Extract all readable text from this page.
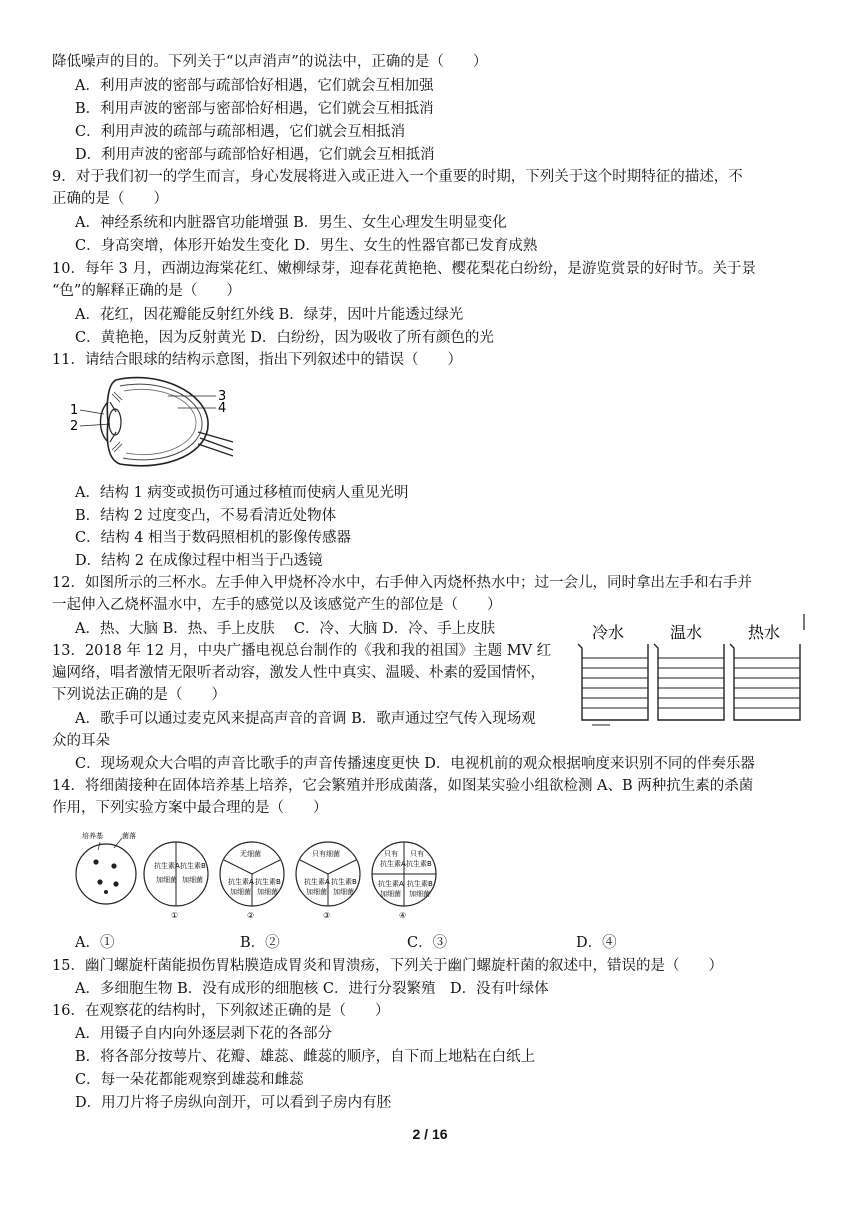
降低噪声的目的。下列关于“以声消声”的说法中，正确的是（　　）
A．利用声波的密部与疏部恰好相遇，它们就会互相加强
B．利用声波的密部与密部恰好相遇，它们就会互相抵消
C．利用声波的疏部与疏部相遇，它们就会互相抵消
D．利用声波的密部与疏部恰好相遇，它们就会互相抵消
9．对于我们初一的学生而言，身心发展将进入或正进入一个重要的时期，下列关于这个时期特征的描述，不
正确的是（　　）
A．神经系统和内脏器官功能增强 B．男生、女生心理发生明显变化
C．身高突增，体形开始发生变化 D．男生、女生的性器官都已发育成熟
10．每年 3 月，西湖边海棠花红、嫩柳绿芽，迎春花黄艳艳、樱花梨花白纷纷，是游览赏景的好时节。关于景
“色”的解释正确的是（　　）
A．花红，因花瓣能反射红外线 B．绿芽，因叶片能透过绿光
C．黄艳艳，因为反射黄光 D．白纷纷，因为吸收了所有颜色的光
11．请结合眼球的结构示意图，指出下列叙述中的错误（　　）
1
2
3
4
A．结构 1 病变或损伤可通过移植而使病人重见光明
B．结构 2 过度变凸，不易看清近处物体
C．结构 4 相当于数码照相机的影像传感器
D．结构 2 在成像过程中相当于凸透镜
12．如图所示的三杯水。左手伸入甲烧杯冷水中，右手伸入丙烧杯热水中；过一会儿，同时拿出左手和右手并
一起伸入乙烧杯温水中，左手的感觉以及该感觉产生的部位是（　　）
A．热、大脑 B．热、手上皮肤　 C．冷、大脑 D．冷、手上皮肤	冷水	温水	热水
13．2018 年 12 月，中央广播电视总台制作的《我和我的祖国》主题 MV 红
遍网络，唱者激情无限听者动容，激发人性中真实、温暖、朴素的爱国情怀，
下列说法正确的是（　　）
A．歌手可以通过麦克风来提高声音的音调 B．歌声通过空气传入现场观
众的耳朵
C．现场观众大合唱的声音比歌手的声音传播速度更快 D．电视机前的观众根据响度来识别不同的伴奏乐器
14．将细菌接种在固体培养基上培养，它会繁殖并形成菌落，如图某实验小组欲检测 A、B 两种抗生素的杀菌
作用，下列实验方案中最合理的是（　　）
培养基	菌落
抗生素A
加细菌
抗生素B
加细菌
①
无细菌
抗生素A
加细菌
抗生素B
加细菌
②
只有细菌
抗生素A
加细菌
抗生素B
加细菌
③
只有
抗生素A
只有
抗生素B
抗生素A
加细菌
抗生素B
加细菌
④
A．①	B．②	C．③	D．④
15．幽门螺旋杆菌能损伤胃粘膜造成胃炎和胃溃疡，下列关于幽门螺旋杆菌的叙述中，错误的是（　　）
A．多细胞生物 B．没有成形的细胞核 C．进行分裂繁殖　D．没有叶绿体
16．在观察花的结构时，下列叙述正确的是（　　）
A．用镊子自内向外逐层剥下花的各部分
B．将各部分按萼片、花瓣、雄蕊、雌蕊的顺序，自下而上地粘在白纸上
C．每一朵花都能观察到雄蕊和雌蕊
D．用刀片将子房纵向剖开，可以看到子房内有胚
2 / 16
